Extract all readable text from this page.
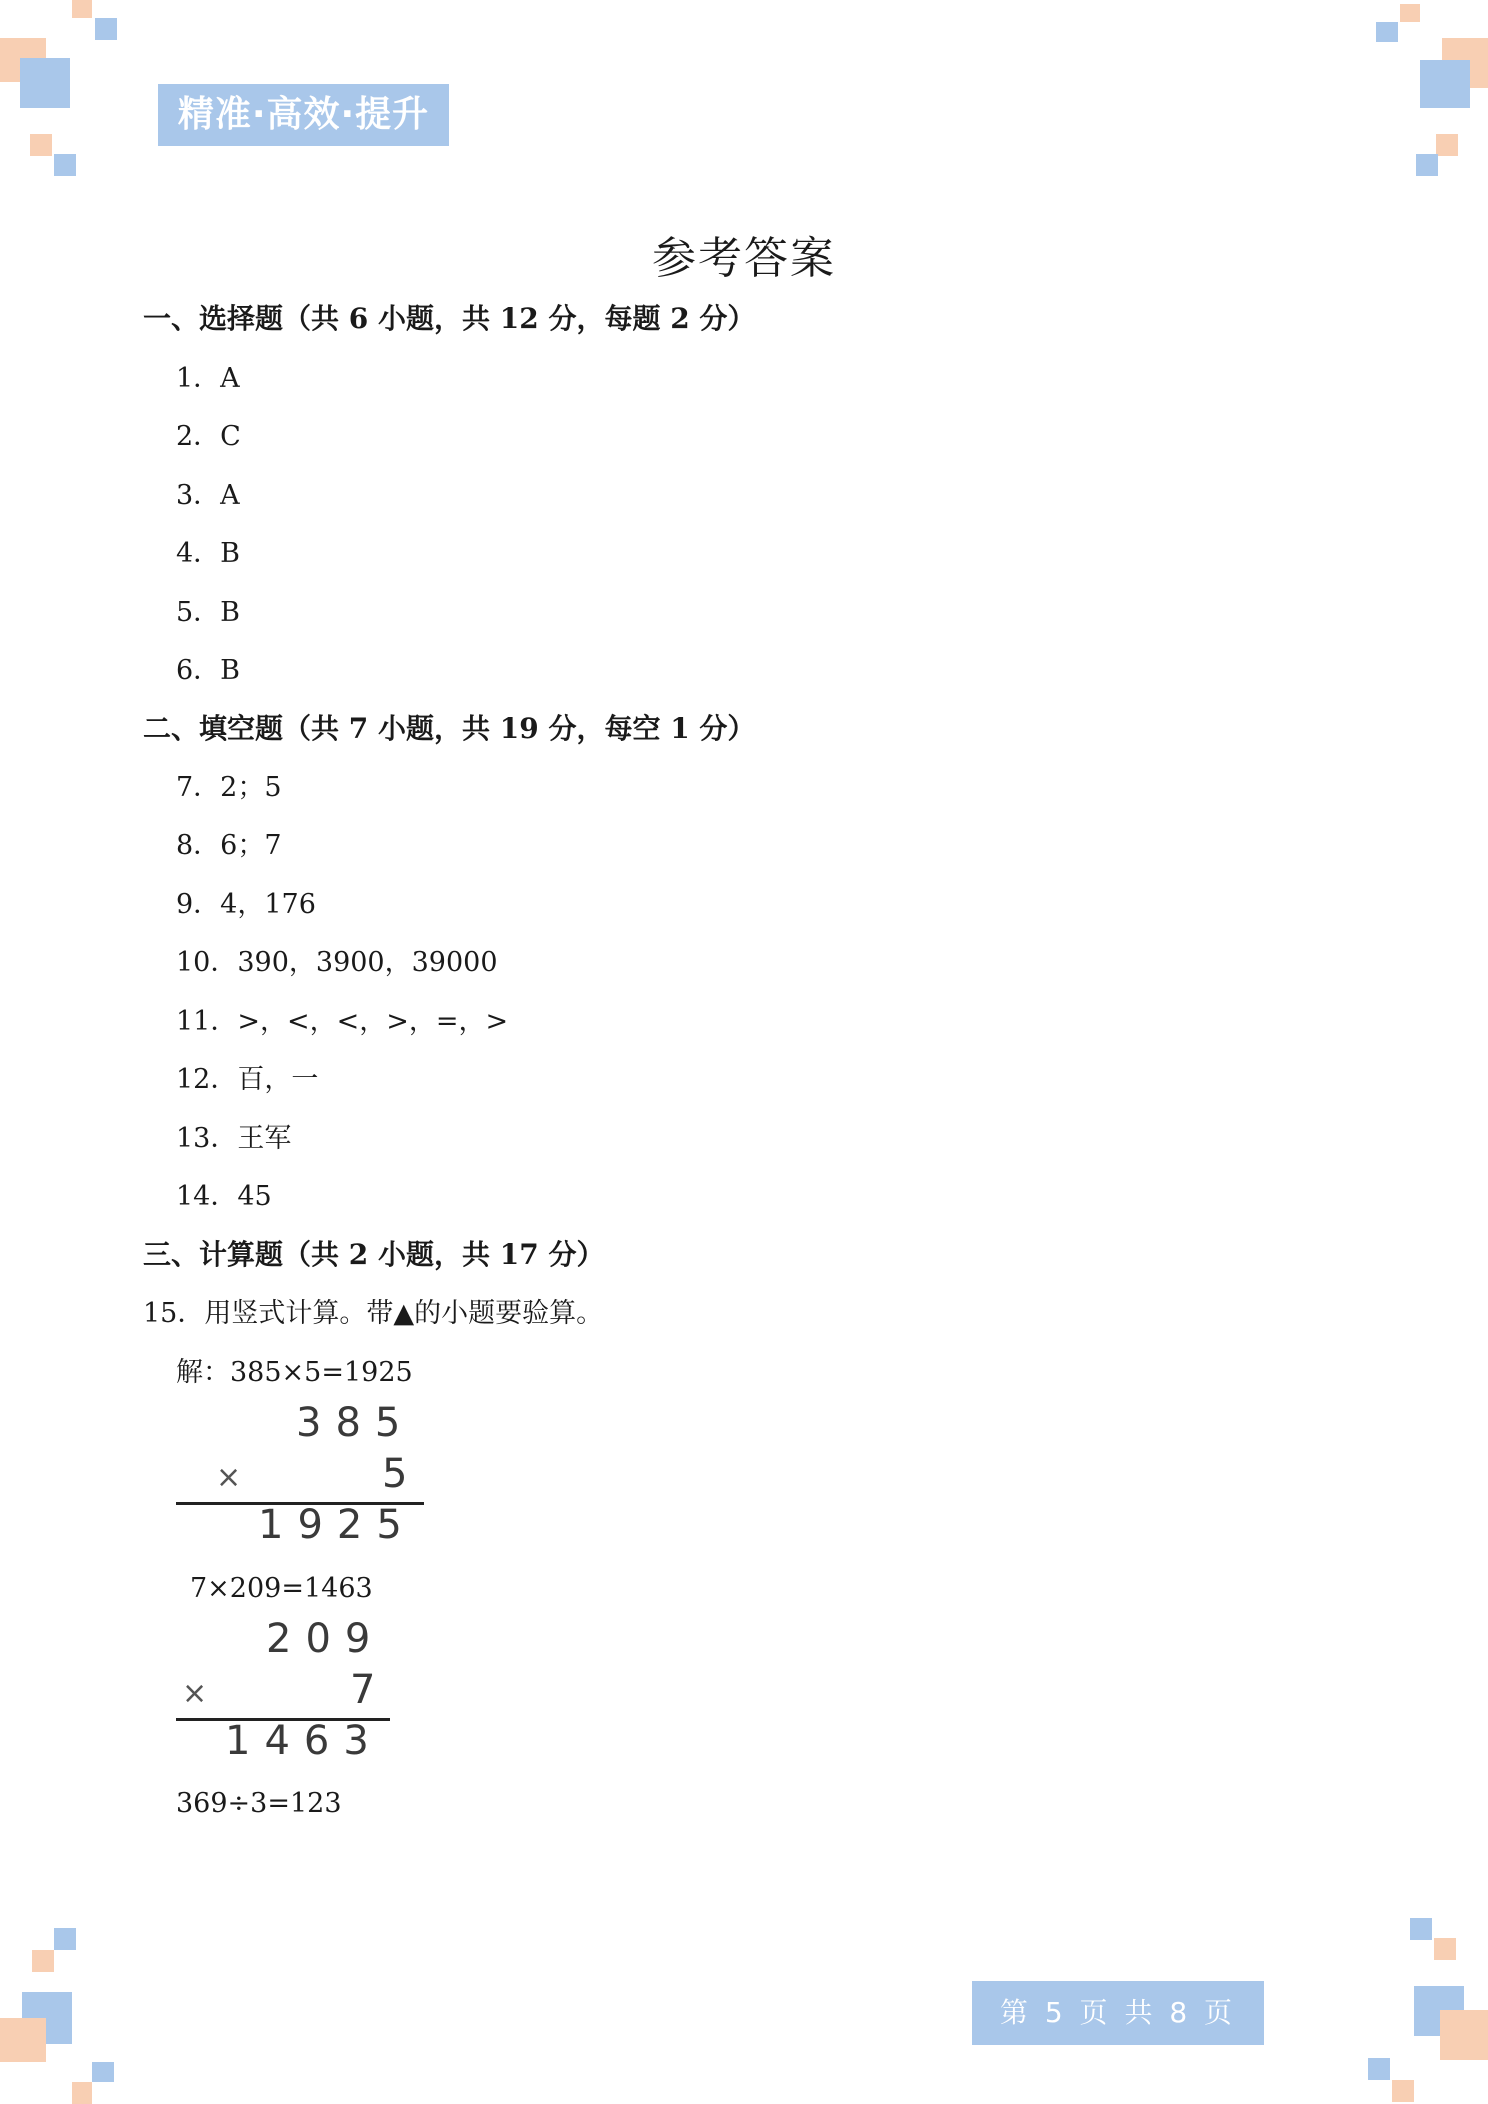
精准·高效·提升
参考答案
一、选择题（共 6 小题，共 12 分，每题 2 分）
1．A
2．C
3．A
4．B
5．B
6．B
二、填空题（共 7 小题，共 19 分，每空 1 分）
7．2；5
8．6；7
9．4，176
10．390，3900，39000
11．>，<，<，>，=，>
12．百，一
13．王军
14．45
三、计算题（共 2 小题，共 17 分）
15．用竖式计算。带▲的小题要验算。
解：385×5=1925
385
×	5
1925
7×209=1463
209
×	7
1463
369÷3=123
第 5 页 共 8 页
